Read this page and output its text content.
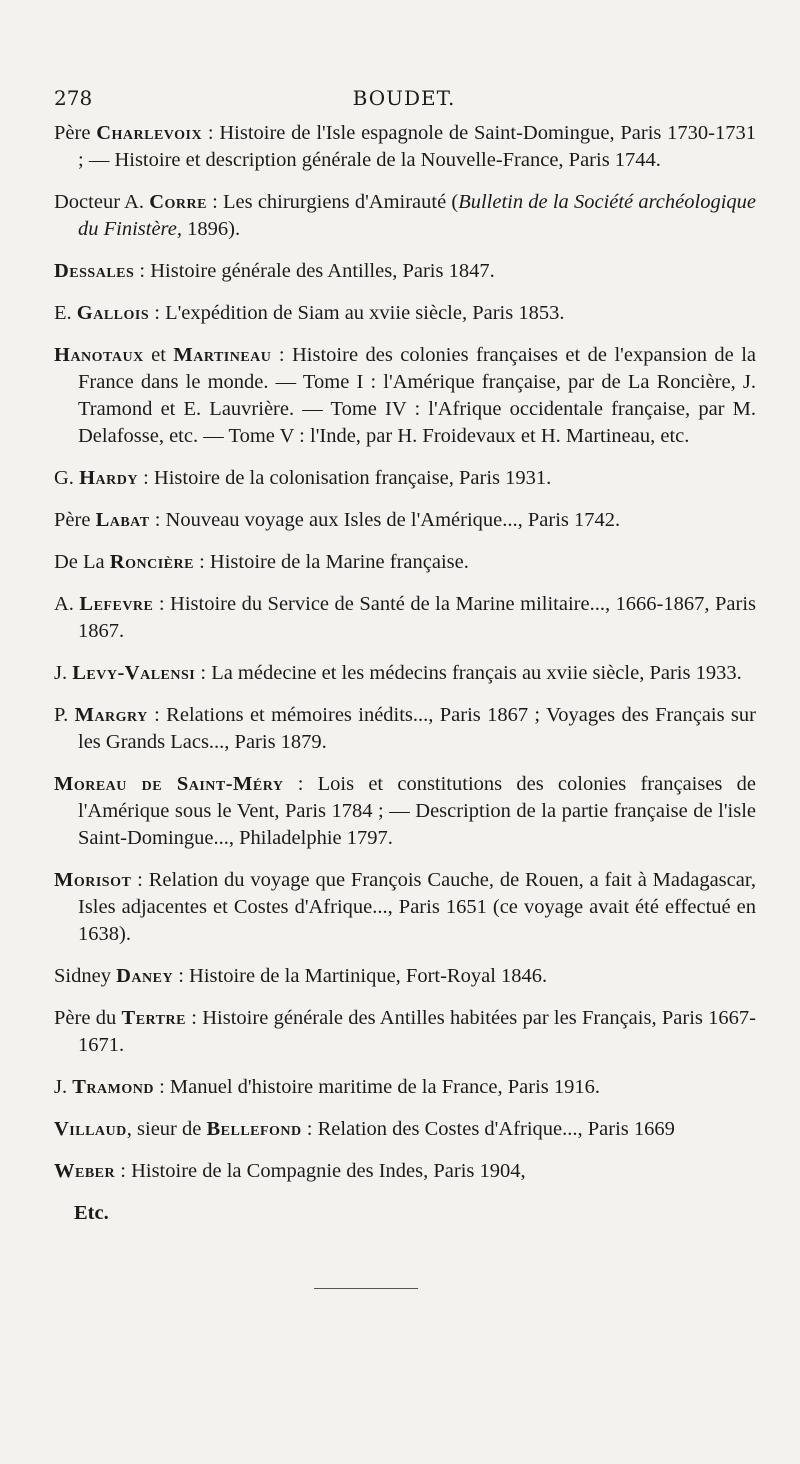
278	BOUDET.

Père Charlevoix : Histoire de l'Isle espagnole de Saint-Domingue, Paris 1730-1731 ; — Histoire et description générale de la Nouvelle-France, Paris 1744.

Docteur A. Corre : Les chirurgiens d'Amirauté (Bulletin de la Société archéologique du Finistère, 1896).

Dessales : Histoire générale des Antilles, Paris 1847.

E. Gallois : L'expédition de Siam au xviie siècle, Paris 1853.

Hanotaux et Martineau : Histoire des colonies françaises et de l'expansion de la France dans le monde. — Tome I : l'Amérique française, par de La Roncière, J. Tramond et E. Lauvrière. — Tome IV : l'Afrique occidentale française, par M. Delafosse, etc. — Tome V : l'Inde, par H. Froidevaux et H. Martineau, etc.

G. Hardy : Histoire de la colonisation française, Paris 1931.

Père Labat : Nouveau voyage aux Isles de l'Amérique..., Paris 1742.

De La Roncière : Histoire de la Marine française.

A. Lefevre : Histoire du Service de Santé de la Marine militaire..., 1666-1867, Paris 1867.

J. Levy-Valensi : La médecine et les médecins français au xviie siècle, Paris 1933.

P. Margry : Relations et mémoires inédits..., Paris 1867 ; Voyages des Français sur les Grands Lacs..., Paris 1879.

Moreau de Saint-Méry : Lois et constitutions des colonies françaises de l'Amérique sous le Vent, Paris 1784 ; — Description de la partie française de l'isle Saint-Domingue..., Philadelphie 1797.

Morisot : Relation du voyage que François Cauche, de Rouen, a fait à Madagascar, Isles adjacentes et Costes d'Afrique..., Paris 1651 (ce voyage avait été effectué en 1638).

Sidney Daney : Histoire de la Martinique, Fort-Royal 1846.

Père du Tertre : Histoire générale des Antilles habitées par les Français, Paris 1667-1671.

J. Tramond : Manuel d'histoire maritime de la France, Paris 1916.

Villaud, sieur de Bellefond : Relation des Costes d'Afrique..., Paris 1669

Weber : Histoire de la Compagnie des Indes, Paris 1904,

Etc.
